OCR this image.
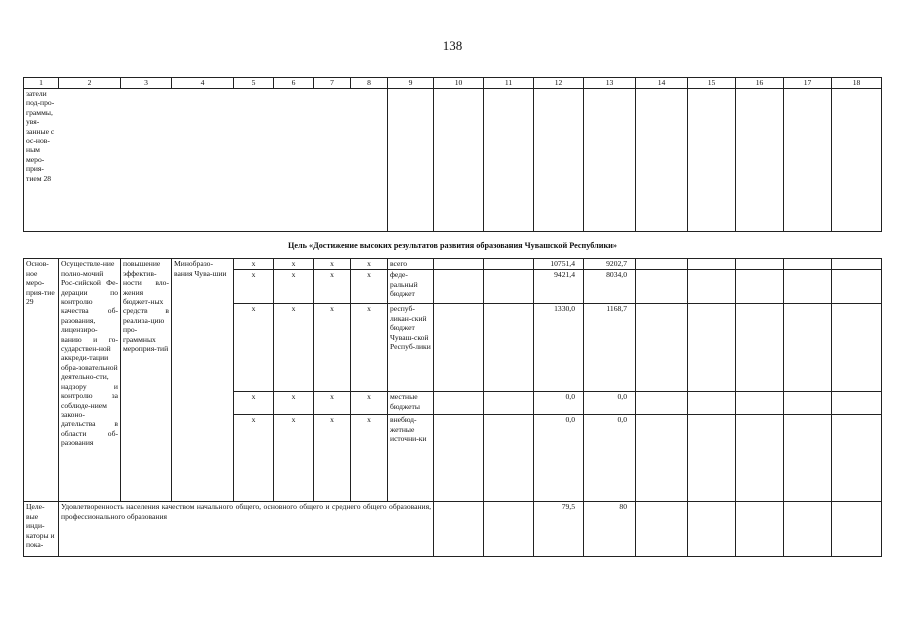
138
1	2	3	4	5	6	7	8	9	10	11	12	13	14	15	16	17	18

затели под-про-граммы, увя-занные с ос-нов-ным меро-прия-тием 28																	

Цель «Достижение высоких результатов развития образования Чувашской Республики»																	
Основ-ное меро-прия-тие 29	Осуществле-ние полно-мочий Рос-сийской Фе-дерации по контролю качества об-разования, лицензиро-ванию и го-сударствен-ной аккреди-тации обра-зовательной деятельно-сти, надзору и контролю за соблюде-нием законо-дательства в области об-разования	повышение эффектив-ности вло-жения бюджет-ных средств в реализа-цию про-граммных мероприя-тий	Минобразо-вания Чува-шии	x	x	x	x	всего			10751,4	9202,7					
				x	x	x	x	феде-ральный бюджет			9421,4	8034,0					
				x	x	x	x	респуб-ликан-ский бюджет Чуваш-ской Респуб-лики			1330,0	1168,7					
				x	x	x	x	местные бюджеты			0,0	0,0					
				x	x	x	x	внебюд-жетные источни-ки			0,0	0,0					
Целе-вые инди-каторы и пока-	Удовлетворенность населения качеством начального общего, основного общего и среднего общего образования, профессионального образования										79,5	80					
